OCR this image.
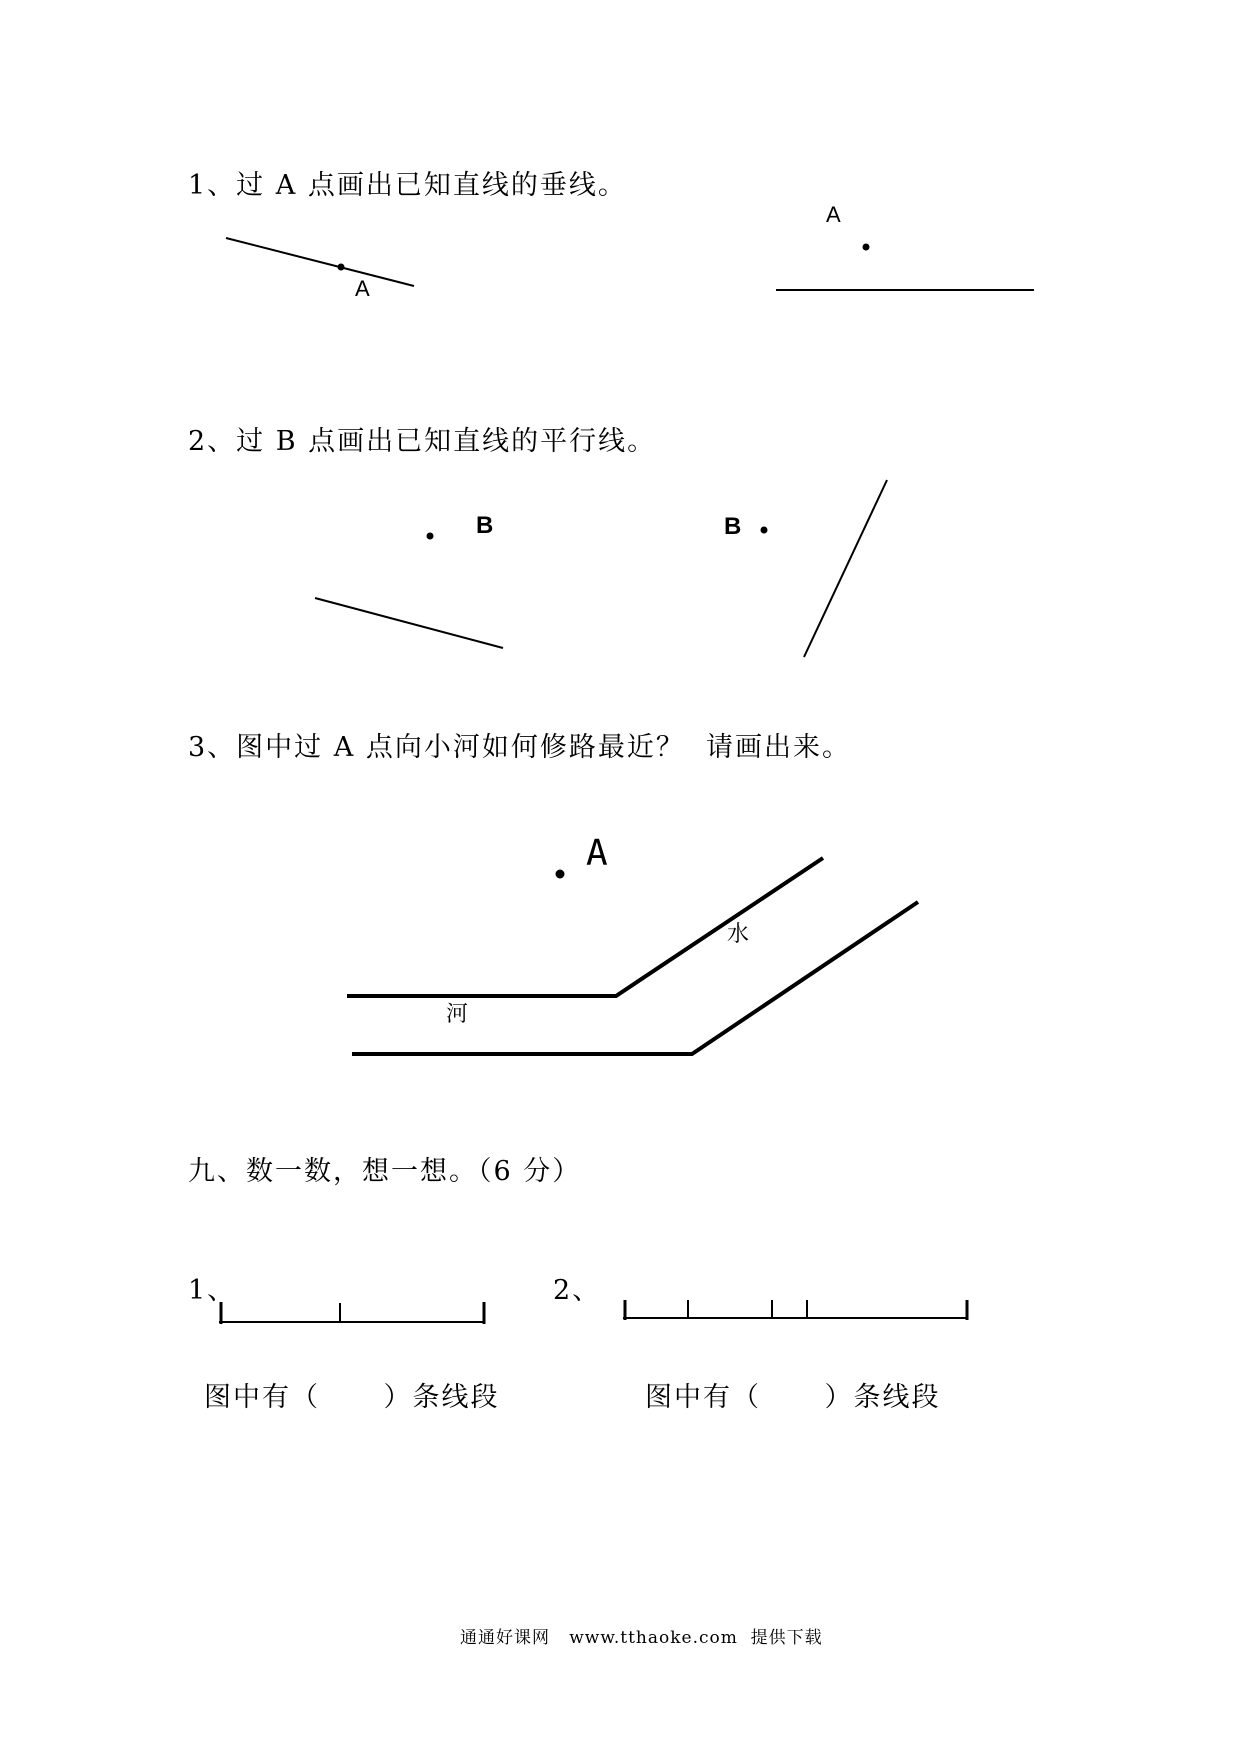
1、过 A 点画出已知直线的垂线。
A
A
2、过 B 点画出已知直线的平行线。
B	B
3、图中过 A 点向小河如何修路最近？  请画出来。
A
水
河
九、数一数，想一想。（6 分）
1、	2、
图中有（      ）条线段	图中有（      ）条线段
通通好课网   www.tthaoke.com  提供下载
